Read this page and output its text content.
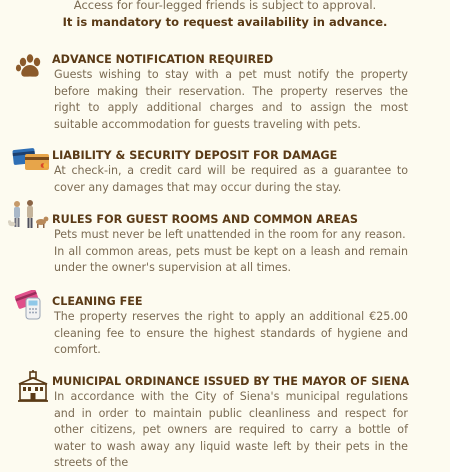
Access for four-legged friends is subject to approval.
It is mandatory to request availability in advance.
ADVANCE NOTIFICATION REQUIRED

Guests wishing to stay with a pet must notify the property before making their reservation. The property reserves the right to apply additional charges and to assign the most suitable accommodation for guests traveling with pets.

LIABILITY & SECURITY DEPOSIT FOR DAMAGE

At check-in, a credit card will be required as a guarantee to cover any damages that may occur during the stay.

RULES FOR GUEST ROOMS AND COMMON AREAS

Pets must never be left unattended in the room for any reason.

In all common areas, pets must be kept on a leash and remain under the owner's supervision at all times.

CLEANING FEE

The property reserves the right to apply an additional €25.00 cleaning fee to ensure the highest standards of hygiene and comfort.

MUNICIPAL ORDINANCE ISSUED BY THE MAYOR OF SIENA

In accordance with the City of Siena's municipal regulations and in order to maintain public cleanliness and respect for other citizens, pet owners are required to carry a bottle of water to wash away any liquid waste left by their pets in the streets of the
